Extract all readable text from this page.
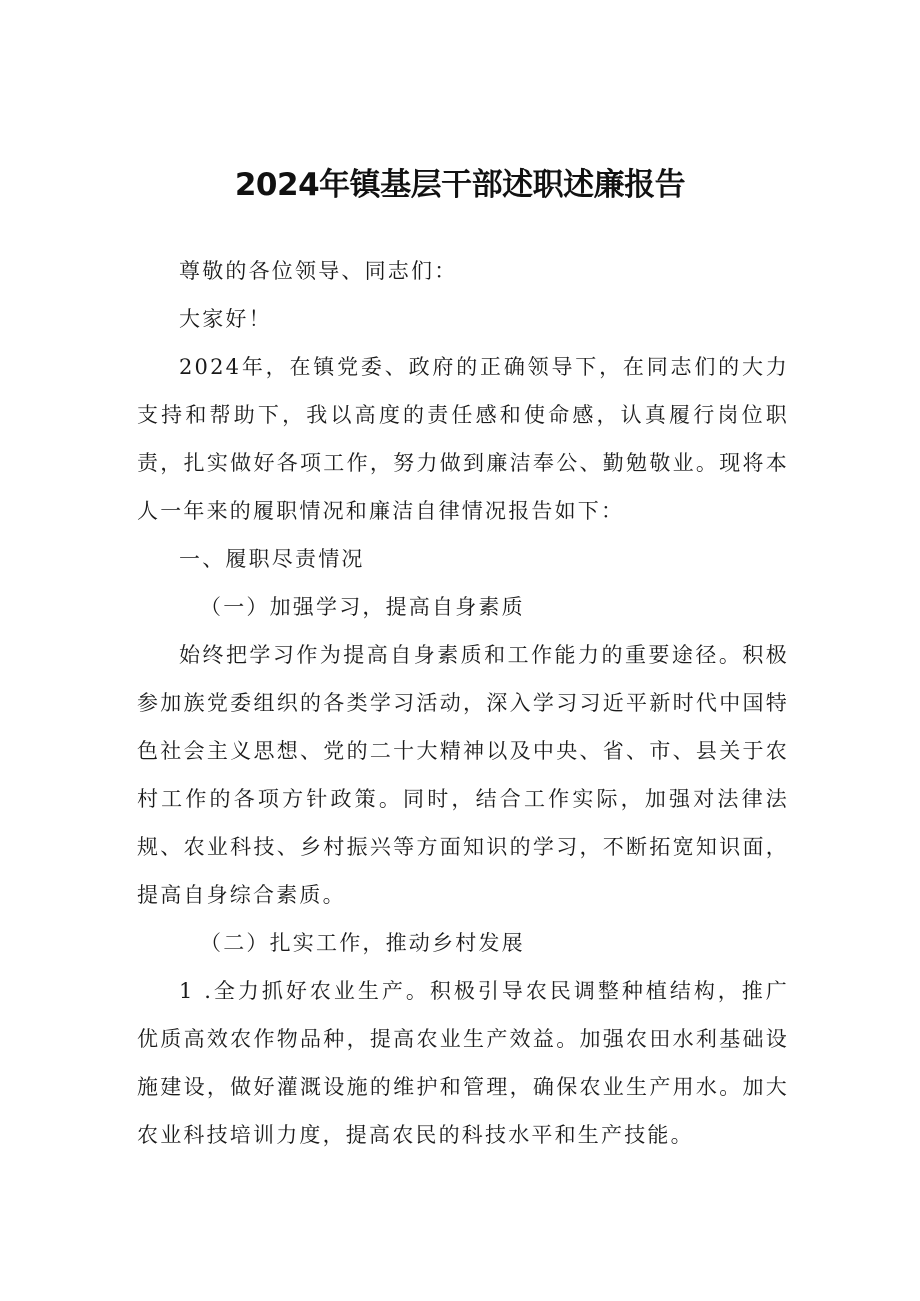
2024年镇基层干部述职述廉报告

尊敬的各位领导、同志们：

大家好！

2024年，在镇党委、政府的正确领导下，在同志们的大力支持和帮助下，我以高度的责任感和使命感，认真履行岗位职责，扎实做好各项工作，努力做到廉洁奉公、勤勉敬业。现将本人一年来的履职情况和廉洁自律情况报告如下：

一、履职尽责情况

（一）加强学习，提高自身素质

始终把学习作为提高自身素质和工作能力的重要途径。积极参加族党委组织的各类学习活动，深入学习习近平新时代中国特色社会主义思想、党的二十大精神以及中央、省、市、县关于农村工作的各项方针政策。同时，结合工作实际，加强对法律法规、农业科技、乡村振兴等方面知识的学习，不断拓宽知识面，提高自身综合素质。

（二）扎实工作，推动乡村发展

1 .全力抓好农业生产。积极引导农民调整种植结构，推广优质高效农作物品种，提高农业生产效益。加强农田水利基础设施建设，做好灌溉设施的维护和管理，确保农业生产用水。加大农业科技培训力度，提高农民的科技水平和生产技能。
